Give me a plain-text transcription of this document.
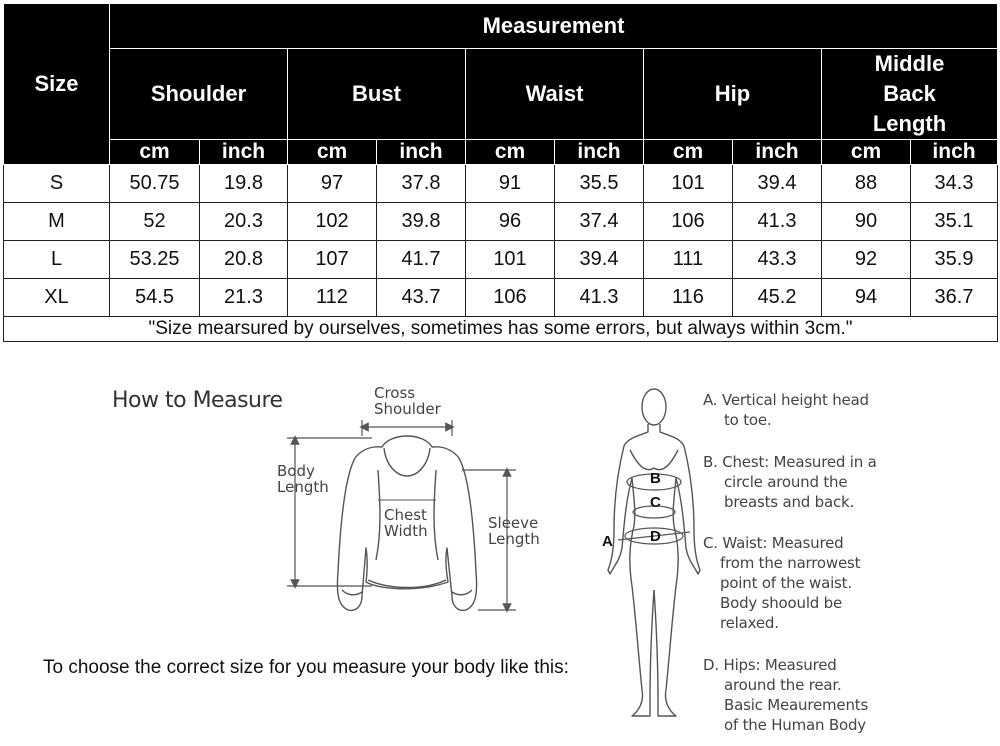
Size	Measurement									
	Shoulder		Bust		Waist		Hip		Middle Back Length	
	cm	inch	cm	inch	cm	inch	cm	inch	cm	inch
S	50.75	19.8	97	37.8	91	35.5	101	39.4	88	34.3
M	52	20.3	102	39.8	96	37.4	106	41.3	90	35.1
L	53.25	20.8	107	41.7	101	39.4	111	43.3	92	35.9
XL	54.5	21.3	112	43.7	106	41.3	116	45.2	94	36.7
"Size mearsured by ourselves, sometimes has some errors, but always within 3cm."										
How to Measure	Cross
Shoulder
Body
Length
Chest
Width	Sleeve
Length	A
B
C
D
A. Vertical height head
to toe.
B. Chest: Measured in a
circle around the
breasts and back.
C. Waist: Measured
from the narrowest
point of the waist.
Body shoould be
relaxed.
D. Hips: Measured
around the rear.
Basic Meaurements
of the Human Body
To choose the correct size for you measure your body like this:
